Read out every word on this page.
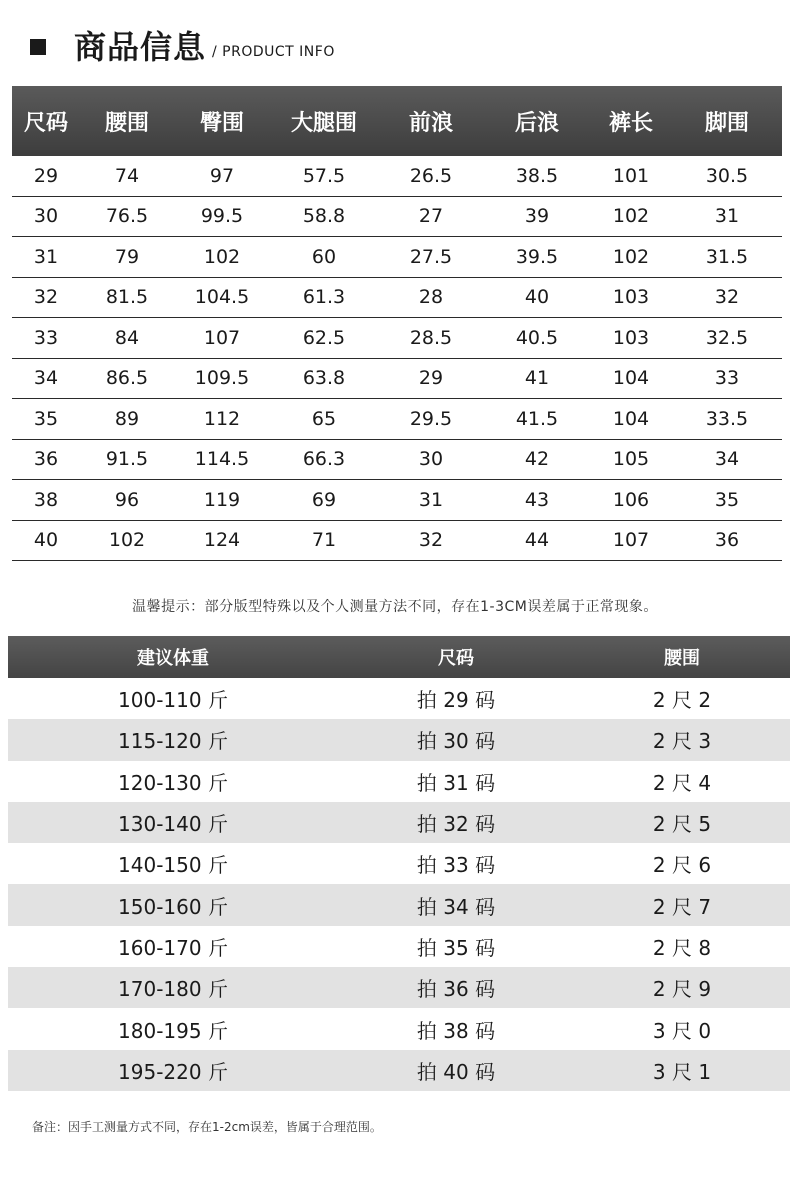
商品信息 / PRODUCT INFO
尺码	腰围	臀围	大腿围	前浪	后浪	裤长	脚围
29	74	97	57.5	26.5	38.5	101	30.5
30	76.5	99.5	58.8	27	39	102	31
31	79	102	60	27.5	39.5	102	31.5
32	81.5	104.5	61.3	28	40	103	32
33	84	107	62.5	28.5	40.5	103	32.5
34	86.5	109.5	63.8	29	41	104	33
35	89	112	65	29.5	41.5	104	33.5
36	91.5	114.5	66.3	30	42	105	34
38	96	119	69	31	43	106	35
40	102	124	71	32	44	107	36
温馨提示：部分版型特殊以及个人测量方法不同，存在1-3CM误差属于正常现象。
建议体重	尺码	腰围
100-110 斤	拍 29 码	2 尺 2
115-120 斤	拍 30 码	2 尺 3
120-130 斤	拍 31 码	2 尺 4
130-140 斤	拍 32 码	2 尺 5
140-150 斤	拍 33 码	2 尺 6
150-160 斤	拍 34 码	2 尺 7
160-170 斤	拍 35 码	2 尺 8
170-180 斤	拍 36 码	2 尺 9
180-195 斤	拍 38 码	3 尺 0
195-220 斤	拍 40 码	3 尺 1
备注：因手工测量方式不同，存在1-2cm误差，皆属于合理范围。
